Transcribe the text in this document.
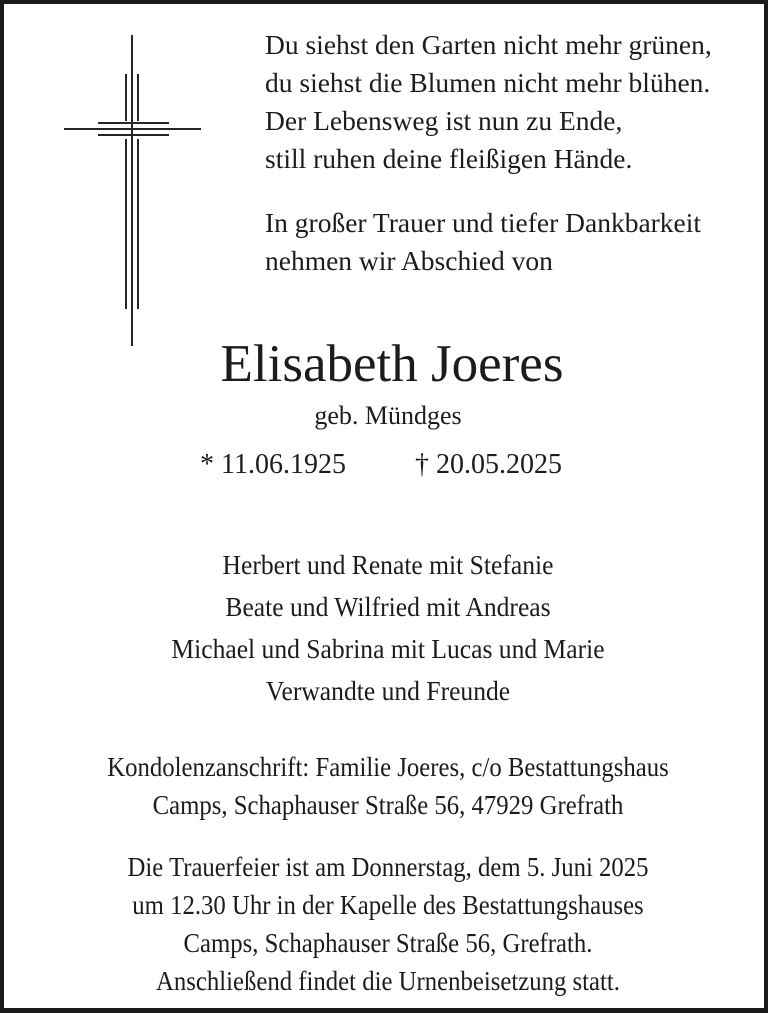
Du siehst den Garten nicht mehr grünen,
du siehst die Blumen nicht mehr blühen.
Der Lebensweg ist nun zu Ende,
still ruhen deine fleißigen Hände.
In großer Trauer und tiefer Dankbarkeit
nehmen wir Abschied von
Elisabeth Joeres
geb. Mündges
* 11.06.1925 † 20.05.2025
Herbert und Renate mit Stefanie
Beate und Wilfried mit Andreas
Michael und Sabrina mit Lucas und Marie
Verwandte und Freunde
Kondolenzanschrift: Familie Joeres, c/o Bestattungshaus
Camps, Schaphauser Straße 56, 47929 Grefrath
Die Trauerfeier ist am Donnerstag, dem 5. Juni 2025
um 12.30 Uhr in der Kapelle des Bestattungshauses
Camps, Schaphauser Straße 56, Grefrath.
Anschließend findet die Urnenbeisetzung statt.
